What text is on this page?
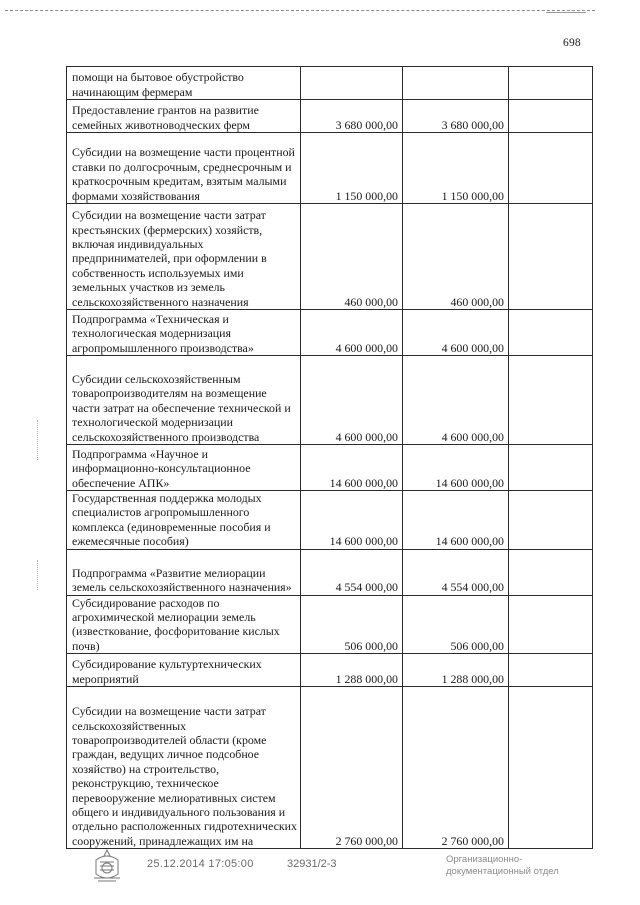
698
помощи на бытовое обустройство начинающим фермерам			

Предоставление грантов на развитие семейных животноводческих ферм	3 680 000,00	3 680 000,00	

Субсидии на возмещение части процентной ставки по долгосрочным, среднесрочным и краткосрочным кредитам, взятым малыми формами хозяйствования	1 150 000,00	1 150 000,00	

Субсидии на возмещение части затрат крестьянских (фермерских) хозяйств, включая индивидуальных предпринимателей, при оформлении в собственность используемых ими земельных участков из земель сельскохозяйственного назначения	460 000,00	460 000,00	

Подпрограмма «Техническая и технологическая модернизация агропромышленного производства»	4 600 000,00	4 600 000,00	

Субсидии сельскохозяйственным товаропроизводителям на возмещение части затрат на обеспечение технической и технологической модернизации сельскохозяйственного производства	4 600 000,00	4 600 000,00	

Подпрограмма «Научное и информационно-консультационное обеспечение АПК»	14 600 000,00	14 600 000,00	

Государственная поддержка молодых специалистов агропромышленного комплекса (единовременные пособия и ежемесячные пособия)	14 600 000,00	14 600 000,00	

Подпрограмма «Развитие мелиорации земель сельскохозяйственного назначения»	4 554 000,00	4 554 000,00	

Субсидирование расходов по агрохимической мелиорации земель (известкование, фосфоритование кислых почв)	506 000,00	506 000,00	

Субсидирование культуртехнических мероприятий	1 288 000,00	1 288 000,00	

Субсидии на возмещение части затрат сельскохозяйственных товаропроизводителей области (кроме граждан, ведущих личное подсобное хозяйство) на строительство, реконструкцию, техническое перевооружение мелиоративных систем общего и индивидуального пользования и отдельно расположенных гидротехнических сооружений, принадлежащих им на	2 760 000,00	2 760 000,00	
25.12.2014 17:05:00	32931/2-3	Организационно-документационный отдел
